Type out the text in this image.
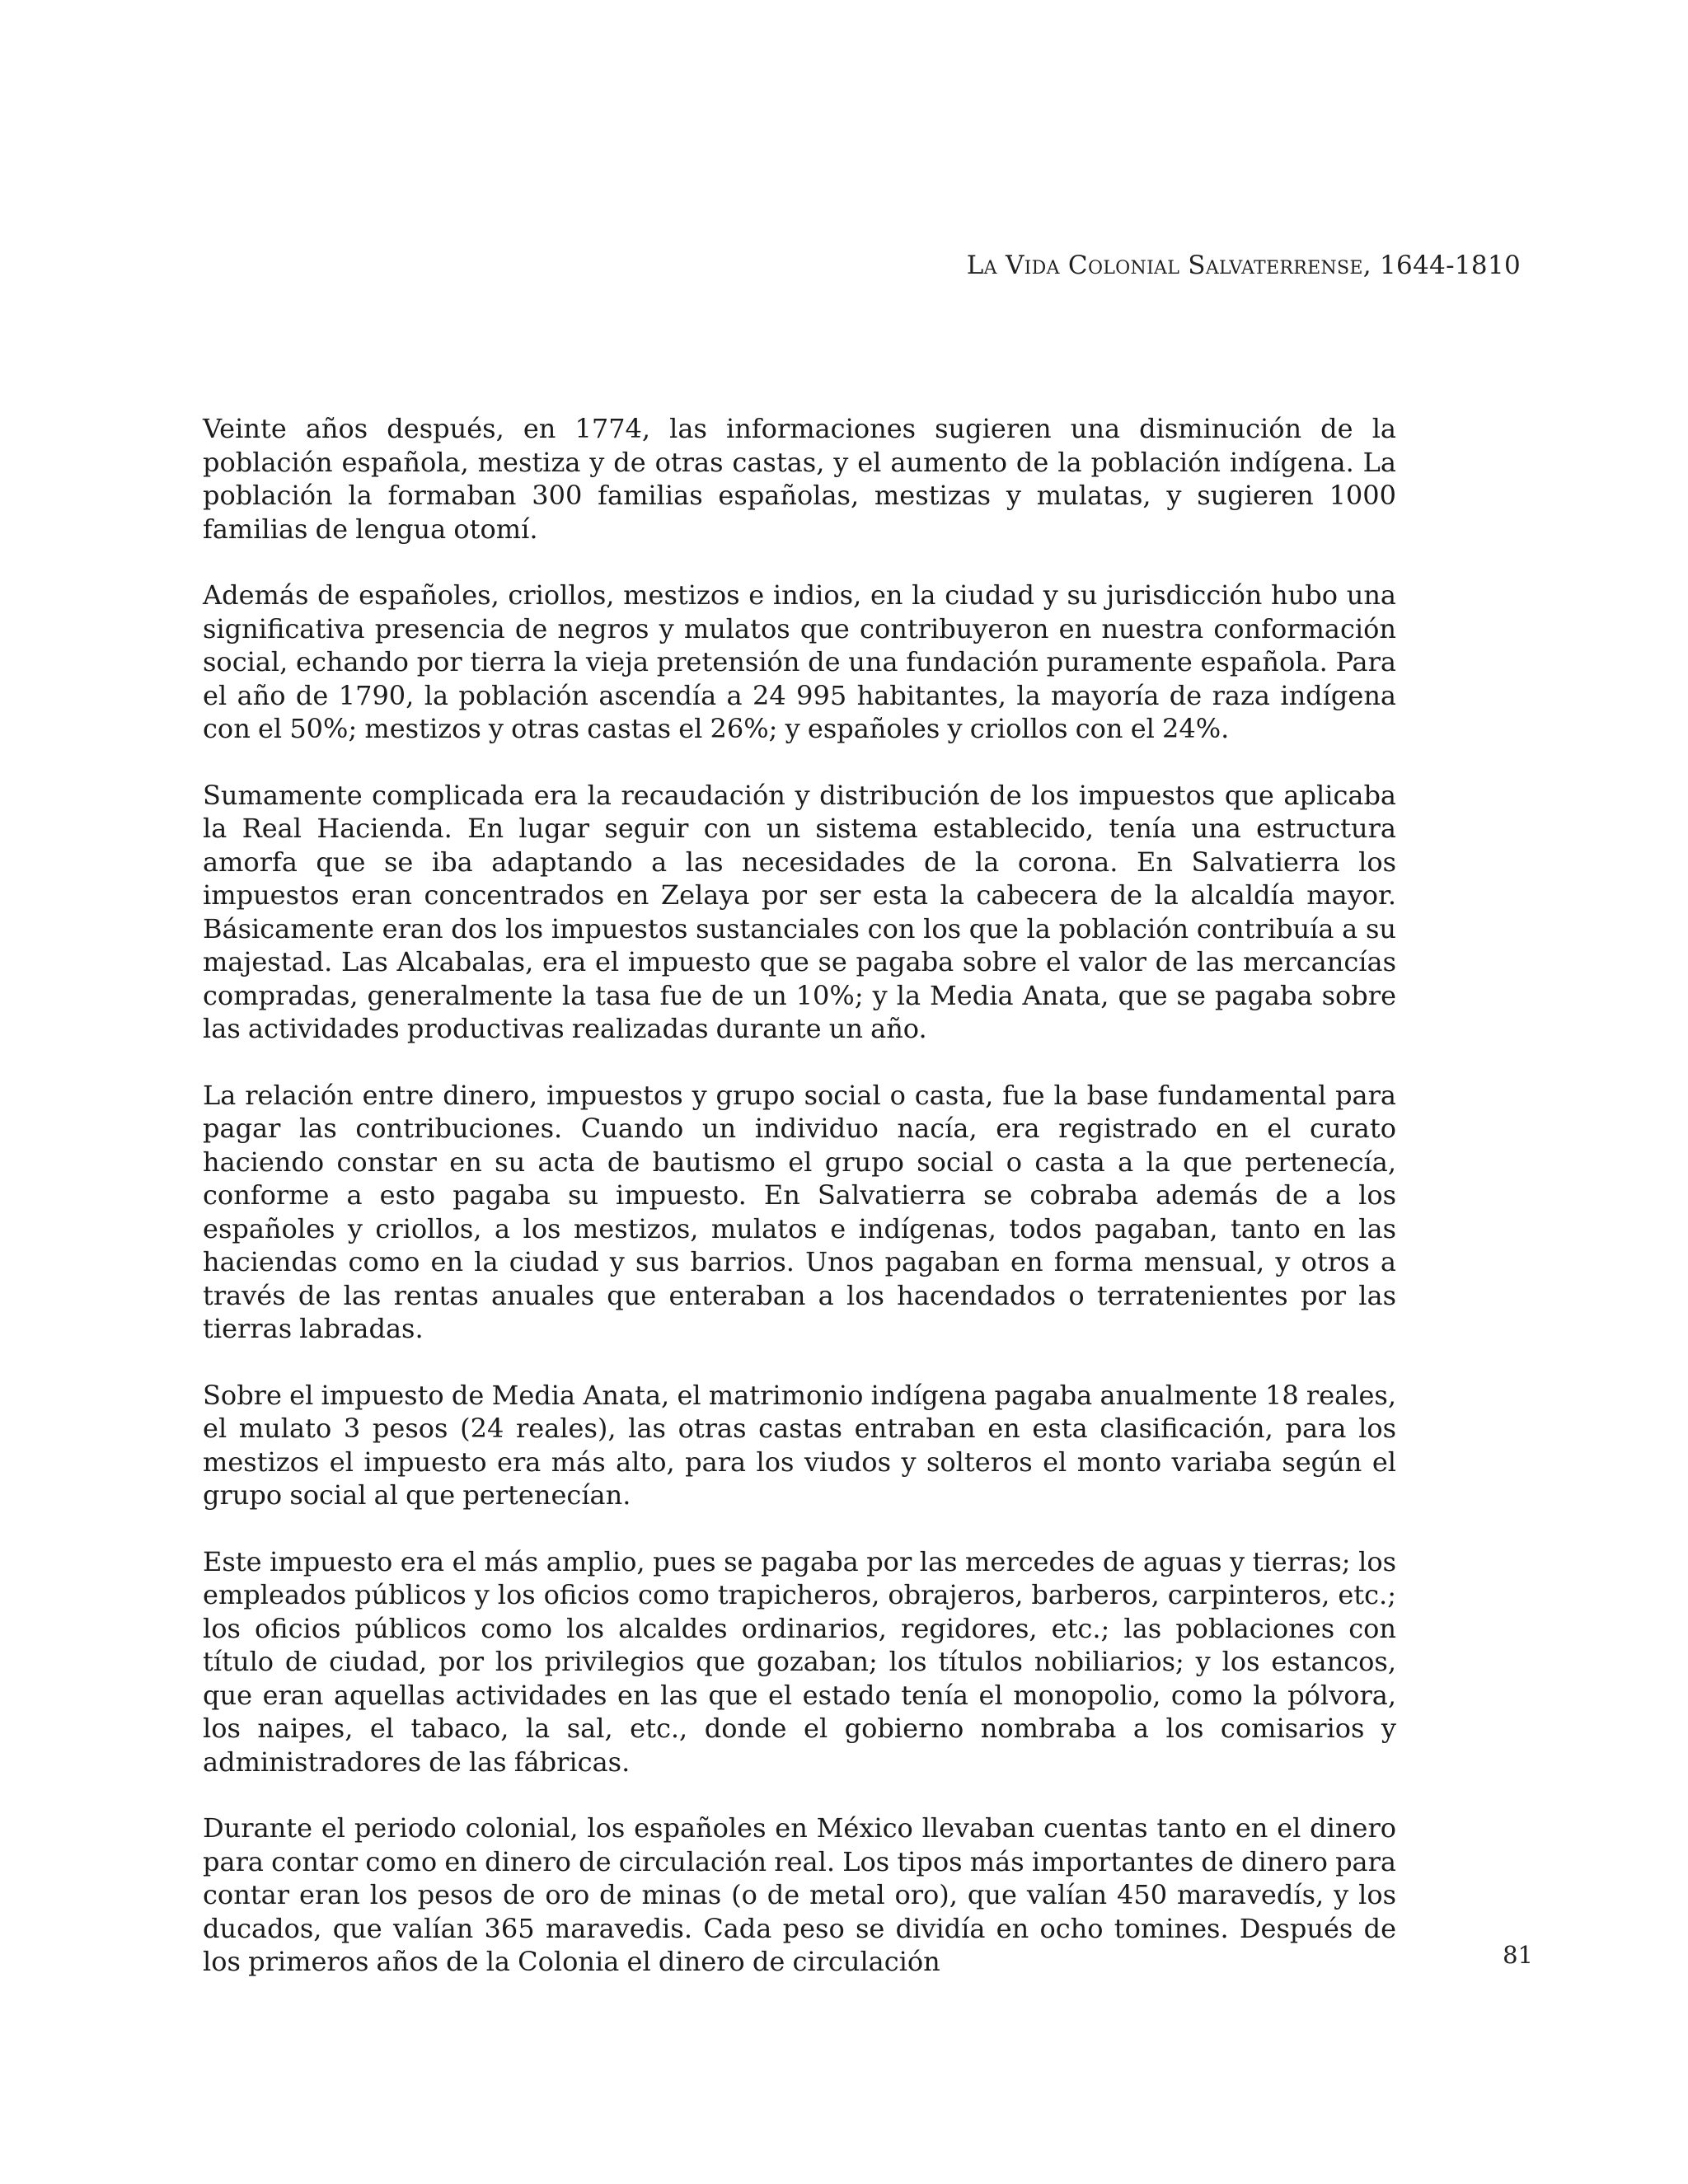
La Vida Colonial Salvaterrense, 1644-1810

Veinte años después, en 1774, las informaciones sugieren una disminución de la población española, mestiza y de otras castas, y el aumento de la población indígena. La población la formaban 300 familias españolas, mestizas y mulatas, y sugieren 1000 familias de lengua otomí.

Además de españoles, criollos, mestizos e indios, en la ciudad y su jurisdicción hubo una significativa presencia de negros y mulatos que contribuyeron en nuestra conformación social, echando por tierra la vieja pretensión de una fundación puramente española. Para el año de 1790, la población ascendía a 24 995 habitantes, la mayoría de raza indígena con el 50%; mestizos y otras castas el 26%; y españoles y criollos con el 24%.

Sumamente complicada era la recaudación y distribución de los impuestos que aplicaba la Real Hacienda. En lugar seguir con un sistema establecido, tenía una estructura amorfa que se iba adaptando a las necesidades de la corona. En Salvatierra los impuestos eran concentrados en Zelaya por ser esta la cabecera de la alcaldía mayor. Básicamente eran dos los impuestos sustanciales con los que la población contribuía a su majestad. Las Alcabalas, era el impuesto que se pagaba sobre el valor de las mercancías compradas, generalmente la tasa fue de un 10%; y la Media Anata, que se pagaba sobre las actividades productivas realizadas durante un año.

La relación entre dinero, impuestos y grupo social o casta, fue la base fundamental para pagar las contribuciones. Cuando un individuo nacía, era registrado en el curato haciendo constar en su acta de bautismo el grupo social o casta a la que pertenecía, conforme a esto pagaba su impuesto. En Salvatierra se cobraba además de a los españoles y criollos, a los mestizos, mulatos e indígenas, todos pagaban, tanto en las haciendas como en la ciudad y sus barrios. Unos pagaban en forma mensual, y otros a través de las rentas anuales que enteraban a los hacendados o terratenientes por las tierras labradas.

Sobre el impuesto de Media Anata, el matrimonio indígena pagaba anualmente 18 reales, el mulato 3 pesos (24 reales), las otras castas entraban en esta clasificación, para los mestizos el impuesto era más alto, para los viudos y solteros el monto variaba según el grupo social al que pertenecían.

Este impuesto era el más amplio, pues se pagaba por las mercedes de aguas y tierras; los empleados públicos y los oficios como trapicheros, obrajeros, barberos, carpinteros, etc.; los oficios públicos como los alcaldes ordinarios, regidores, etc.; las poblaciones con título de ciudad, por los privilegios que gozaban; los títulos nobiliarios; y los estancos, que eran aquellas actividades en las que el estado tenía el monopolio, como la pólvora, los naipes, el tabaco, la sal, etc., donde el gobierno nombraba a los comisarios y administradores de las fábricas.

Durante el periodo colonial, los españoles en México llevaban cuentas tanto en el dinero para contar como en dinero de circulación real. Los tipos más importantes de dinero para contar eran los pesos de oro de minas (o de metal oro), que valían 450 maravedís, y los ducados, que valían 365 maravedis. Cada peso se dividía en ocho tomines. Después de los primeros años de la Colonia el dinero de circulación	81
